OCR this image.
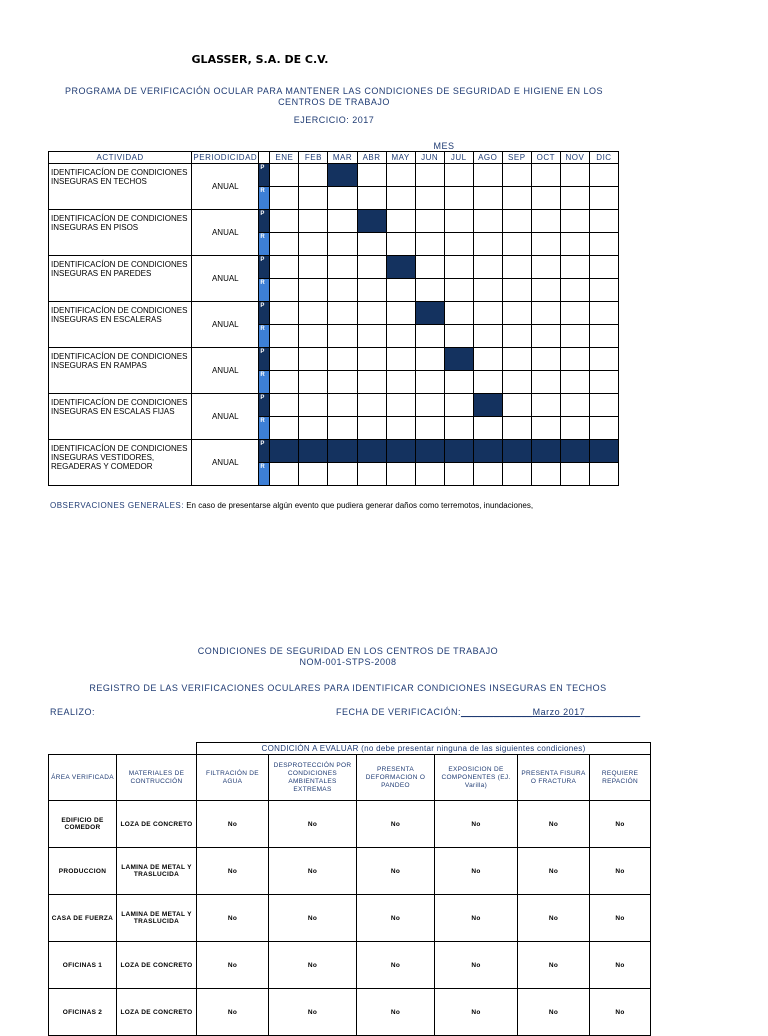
GLASSER, S.A. DE C.V.
PROGRAMA DE VERIFICACIÓN OCULAR PARA MANTENER LAS CONDICIONES DE SEGURIDAD E HIGIENE EN LOS CENTROS DE TRABAJO
EJERCICIO: 2017
MES
ACTIVIDAD	PERIODICIDAD		ENE	FEB	MAR	ABR	MAY	JUN	JUL	AGO	SEP	OCT	NOV	DIC
IDENTIFICACÍON DE CONDICIONES INSEGURAS EN TECHOS	ANUAL	P												
		R												
IDENTIFICACÍON DE CONDICIONES INSEGURAS EN PISOS	ANUAL	P												
		R												
IDENTIFICACÍON DE CONDICIONES INSEGURAS EN PAREDES	ANUAL	P												
		R												
IDENTIFICACÍON DE CONDICIONES INSEGURAS EN ESCALERAS	ANUAL	P												
		R												
IDENTIFICACÍON DE CONDICIONES INSEGURAS EN RAMPAS	ANUAL	P												
		R												
IDENTIFICACÍON DE CONDICIONES INSEGURAS EN ESCALAS FIJAS	ANUAL	P												
		R												
IDENTIFICACÍON DE CONDICIONES INSEGURAS VESTIDORES, REGADERAS Y COMEDOR	ANUAL	P												
		R												
OBSERVACIONES GENERALES: En caso de presentarse algún evento que pudiera generar daños como terremotos, inundaciones,
CONDICIONES DE SEGURIDAD EN LOS CENTROS DE TRABAJO
NOM-001-STPS-2008
REGISTRO DE LAS VERIFICACIONES OCULARES PARA IDENTIFICAR CONDICIONES INSEGURAS EN TECHOS
REALIZO:	FECHA DE VERIFICACIÓN:_____________Marzo 2017__________
		CONDICIÓN A EVALUAR (no debe presentar ninguna de las siguientes condiciones)					
ÁREA VERIFICADA	MATERIALES DE CONTRUCCIÓN	FILTRACIÓN DE AGUA	DESPROTECCIÓN POR CONDICIONES AMBIENTALES EXTREMAS	PRESENTA DEFORMACION O PANDEO	EXPOSICION DE COMPONENTES (EJ. Varilla)	PRESENTA FISURA O FRACTURA	REQUIERE REPACIÓN
EDIFICIO DE COMEDOR	LOZA DE CONCRETO	No	No	No	No	No	No
PRODUCCION	LAMINA DE METAL Y TRASLUCIDA	No	No	No	No	No	No
CASA DE FUERZA	LAMINA DE METAL Y TRASLUCIDA	No	No	No	No	No	No
OFICINAS 1	LOZA DE CONCRETO	No	No	No	No	No	No
OFICINAS 2	LOZA DE CONCRETO	No	No	No	No	No	No
